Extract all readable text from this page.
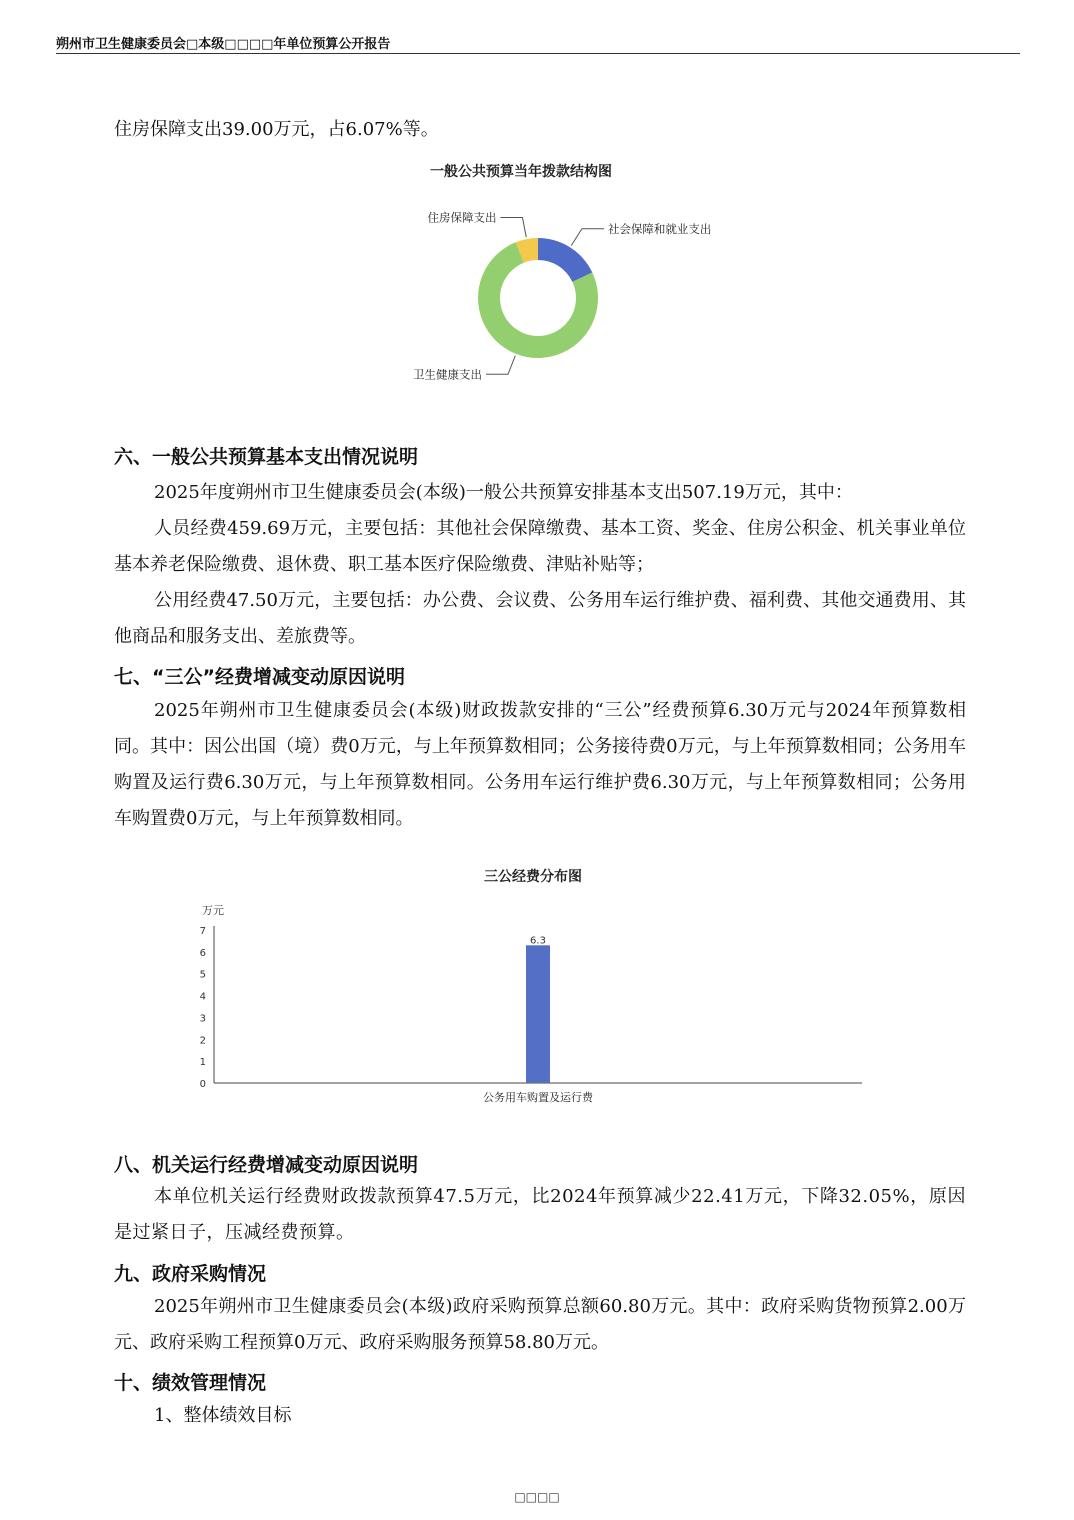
朔州市卫生健康委员会□本级□□□□年单位预算公开报告
住房保障支出39.00万元，占6.07%等。
一般公共预算当年拨款结构图
社会保障和就业支出
卫生健康支出
住房保障支出
六、一般公共预算基本支出情况说明
2025年度朔州市卫生健康委员会(本级)一般公共预算安排基本支出507.19万元，其中：
人员经费459.69万元，主要包括：其他社会保障缴费、基本工资、奖金、住房公积金、机关事业单位基本养老保险缴费、退休费、职工基本医疗保险缴费、津贴补贴等；
公用经费47.50万元，主要包括：办公费、会议费、公务用车运行维护费、福利费、其他交通费用、其他商品和服务支出、差旅费等。
七、“三公”经费增减变动原因说明
2025年朔州市卫生健康委员会(本级)财政拨款安排的“三公”经费预算6.30万元与2024年预算数相同。其中：因公出国（境）费0万元，与上年预算数相同；公务接待费0万元，与上年预算数相同；公务用车购置及运行费6.30万元，与上年预算数相同。公务用车运行维护费6.30万元，与上年预算数相同；公务用车购置费0万元，与上年预算数相同。
三公经费分布图
万元
0
1
2
3
4
5
6
7
6.3
公务用车购置及运行费
八、机关运行经费增减变动原因说明
本单位机关运行经费财政拨款预算47.5万元，比2024年预算减少22.41万元，下降32.05%，原因是过紧日子，压减经费预算。
九、政府采购情况
2025年朔州市卫生健康委员会(本级)政府采购预算总额60.80万元。其中：政府采购货物预算2.00万元、政府采购工程预算0万元、政府采购服务预算58.80万元。
十、绩效管理情况
1、整体绩效目标
□□□□
